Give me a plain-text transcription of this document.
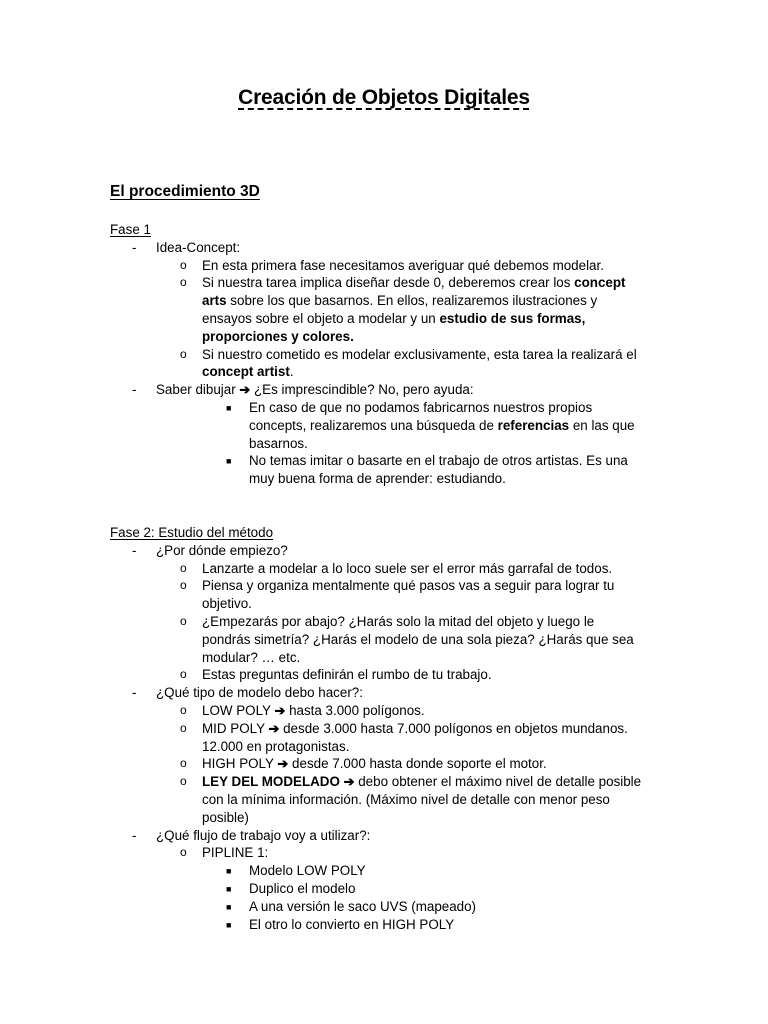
Creación de Objetos Digitales
El procedimiento 3D
Fase 1
- Idea-Concept:
o En esta primera fase necesitamos averiguar qué debemos modelar.
o Si nuestra tarea implica diseñar desde 0, deberemos crear los concept
arts sobre los que basarnos. En ellos, realizaremos ilustraciones y
ensayos sobre el objeto a modelar y un estudio de sus formas,
proporciones y colores.
o Si nuestro cometido es modelar exclusivamente, esta tarea la realizará el
concept artist.
- Saber dibujar ➔ ¿Es imprescindible? No, pero ayuda:
■ En caso de que no podamos fabricarnos nuestros propios
concepts, realizaremos una búsqueda de referencias en las que
basarnos.
■ No temas imitar o basarte en el trabajo de otros artistas. Es una
muy buena forma de aprender: estudiando.
Fase 2: Estudio del método
- ¿Por dónde empiezo?
o Lanzarte a modelar a lo loco suele ser el error más garrafal de todos.
o Piensa y organiza mentalmente qué pasos vas a seguir para lograr tu
objetivo.
o ¿Empezarás por abajo? ¿Harás solo la mitad del objeto y luego le
pondrás simetría? ¿Harás el modelo de una sola pieza? ¿Harás que sea
modular? … etc.
o Estas preguntas definirán el rumbo de tu trabajo.
- ¿Qué tipo de modelo debo hacer?:
o LOW POLY ➔ hasta 3.000 polígonos.
o MID POLY ➔ desde 3.000 hasta 7.000 polígonos en objetos mundanos.
12.000 en protagonistas.
o HIGH POLY ➔ desde 7.000 hasta donde soporte el motor.
o LEY DEL MODELADO ➔ debo obtener el máximo nivel de detalle posible
con la mínima información. (Máximo nivel de detalle con menor peso
posible)
- ¿Qué flujo de trabajo voy a utilizar?:
o PIPLINE 1:
■ Modelo LOW POLY
■ Duplico el modelo
■ A una versión le saco UVS (mapeado)
■ El otro lo convierto en HIGH POLY
